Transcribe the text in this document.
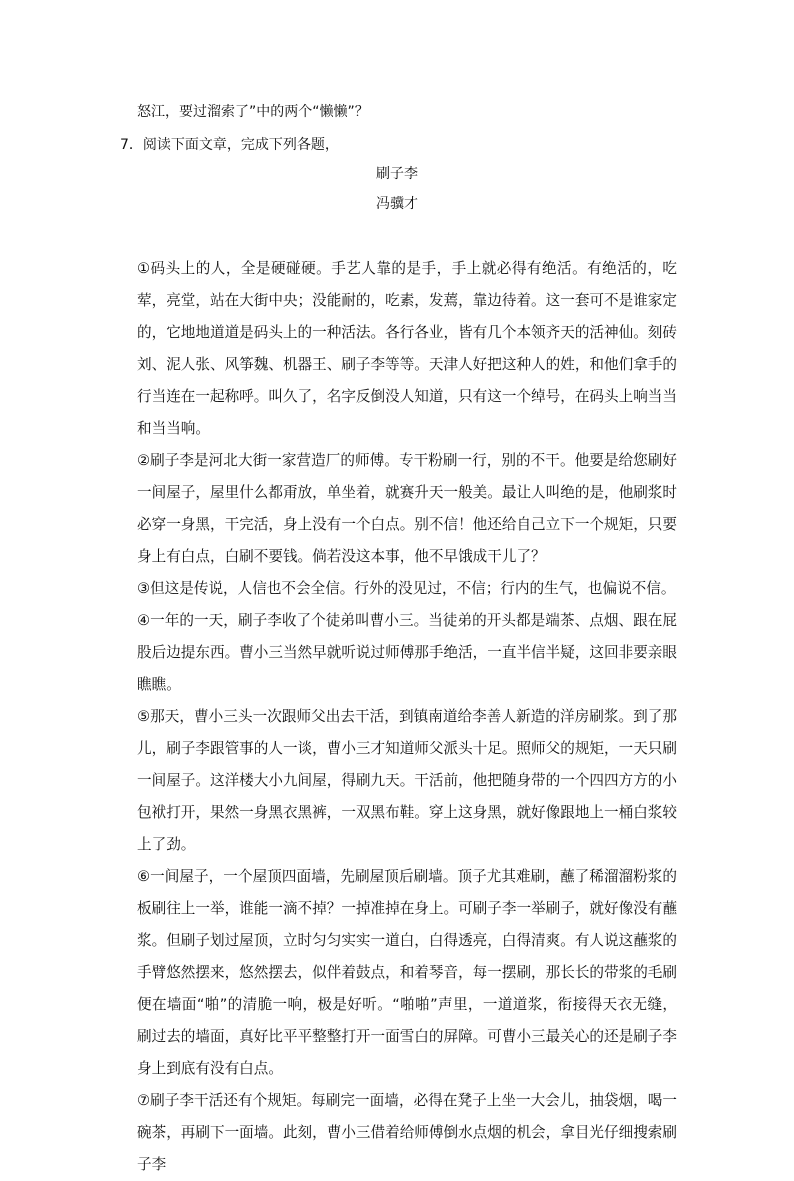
怒江，要过溜索了”中的两个“懒懒”？
7．阅读下面文章，完成下列各题，
刷子李
冯骥才

①码头上的人，全是硬碰硬。手艺人靠的是手，手上就必得有绝活。有绝活的，吃荤，亮堂，站在大街中央；没能耐的，吃素，发蔫，靠边待着。这一套可不是谁家定的，它地地道道是码头上的一种活法。各行各业，皆有几个本领齐天的活神仙。刻砖刘、泥人张、风筝魏、机器王、刷子李等等。天津人好把这种人的姓，和他们拿手的行当连在一起称呼。叫久了，名字反倒没人知道，只有这一个绰号，在码头上响当当和当当响。

②刷子李是河北大街一家营造厂的师傅。专干粉刷一行，别的不干。他要是给您刷好一间屋子，屋里什么都甭放，单坐着，就赛升天一般美。最让人叫绝的是，他刷浆时必穿一身黑，干完活，身上没有一个白点。别不信！他还给自己立下一个规矩，只要身上有白点，白刷不要钱。倘若没这本事，他不早饿成干儿了？

③但这是传说，人信也不会全信。行外的没见过，不信；行内的生气，也偏说不信。

④一年的一天，刷子李收了个徒弟叫曹小三。当徒弟的开头都是端茶、点烟、跟在屁股后边提东西。曹小三当然早就听说过师傅那手绝活，一直半信半疑，这回非要亲眼瞧瞧。

⑤那天，曹小三头一次跟师父出去干活，到镇南道给李善人新造的洋房刷浆。到了那儿，刷子李跟管事的人一谈，曹小三才知道师父派头十足。照师父的规矩，一天只刷一间屋子。这洋楼大小九间屋，得刷九天。干活前，他把随身带的一个四四方方的小包袱打开，果然一身黑衣黑裤，一双黑布鞋。穿上这身黑，就好像跟地上一桶白浆较上了劲。

⑥一间屋子，一个屋顶四面墙，先刷屋顶后刷墙。顶子尤其难刷，蘸了稀溜溜粉浆的板刷往上一举，谁能一滴不掉？一掉准掉在身上。可刷子李一举刷子，就好像没有蘸浆。但刷子划过屋顶，立时匀匀实实一道白，白得透亮，白得清爽。有人说这蘸浆的手臂悠然摆来，悠然摆去，似伴着鼓点，和着琴音，每一摆刷，那长长的带浆的毛刷便在墙面“啪”的清脆一响，极是好听。“啪啪”声里，一道道浆，衔接得天衣无缝，刷过去的墙面，真好比平平整整打开一面雪白的屏障。可曹小三最关心的还是刷子李身上到底有没有白点。

⑦刷子李干活还有个规矩。每刷完一面墙，必得在凳子上坐一大会儿，抽袋烟，喝一碗茶，再刷下一面墙。此刻，曹小三借着给师傅倒水点烟的机会，拿目光仔细搜索刷子李
